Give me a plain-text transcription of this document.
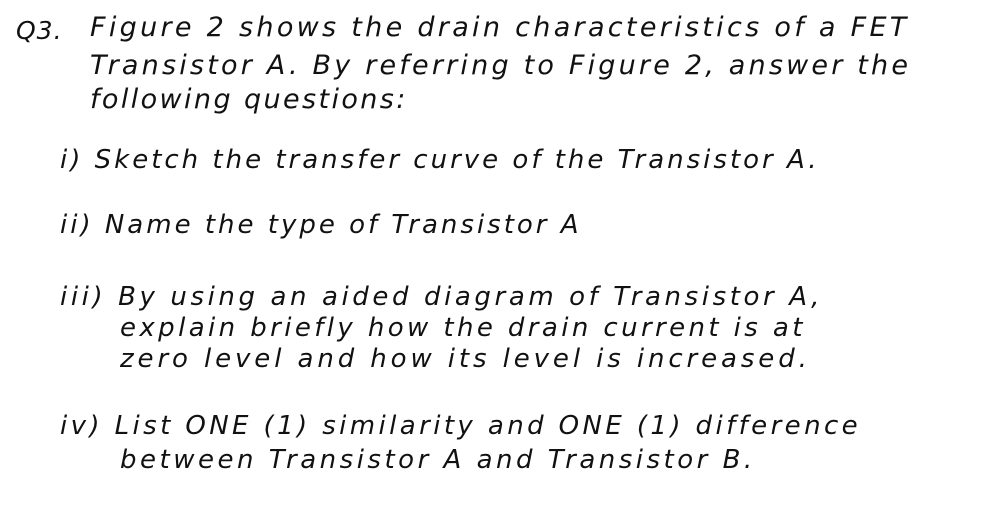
Q3. Figure 2 shows the drain characteristics of a FET
Transistor A. By referring to Figure 2, answer the
following questions:
i) Sketch the transfer curve of the Transistor A.
ii) Name the type of Transistor A
iii) By using an aided diagram of Transistor A,
explain briefly how the drain current is at
zero level and how its level is increased.
iv) List ONE (1) similarity and ONE (1) difference
between Transistor A and Transistor B.
